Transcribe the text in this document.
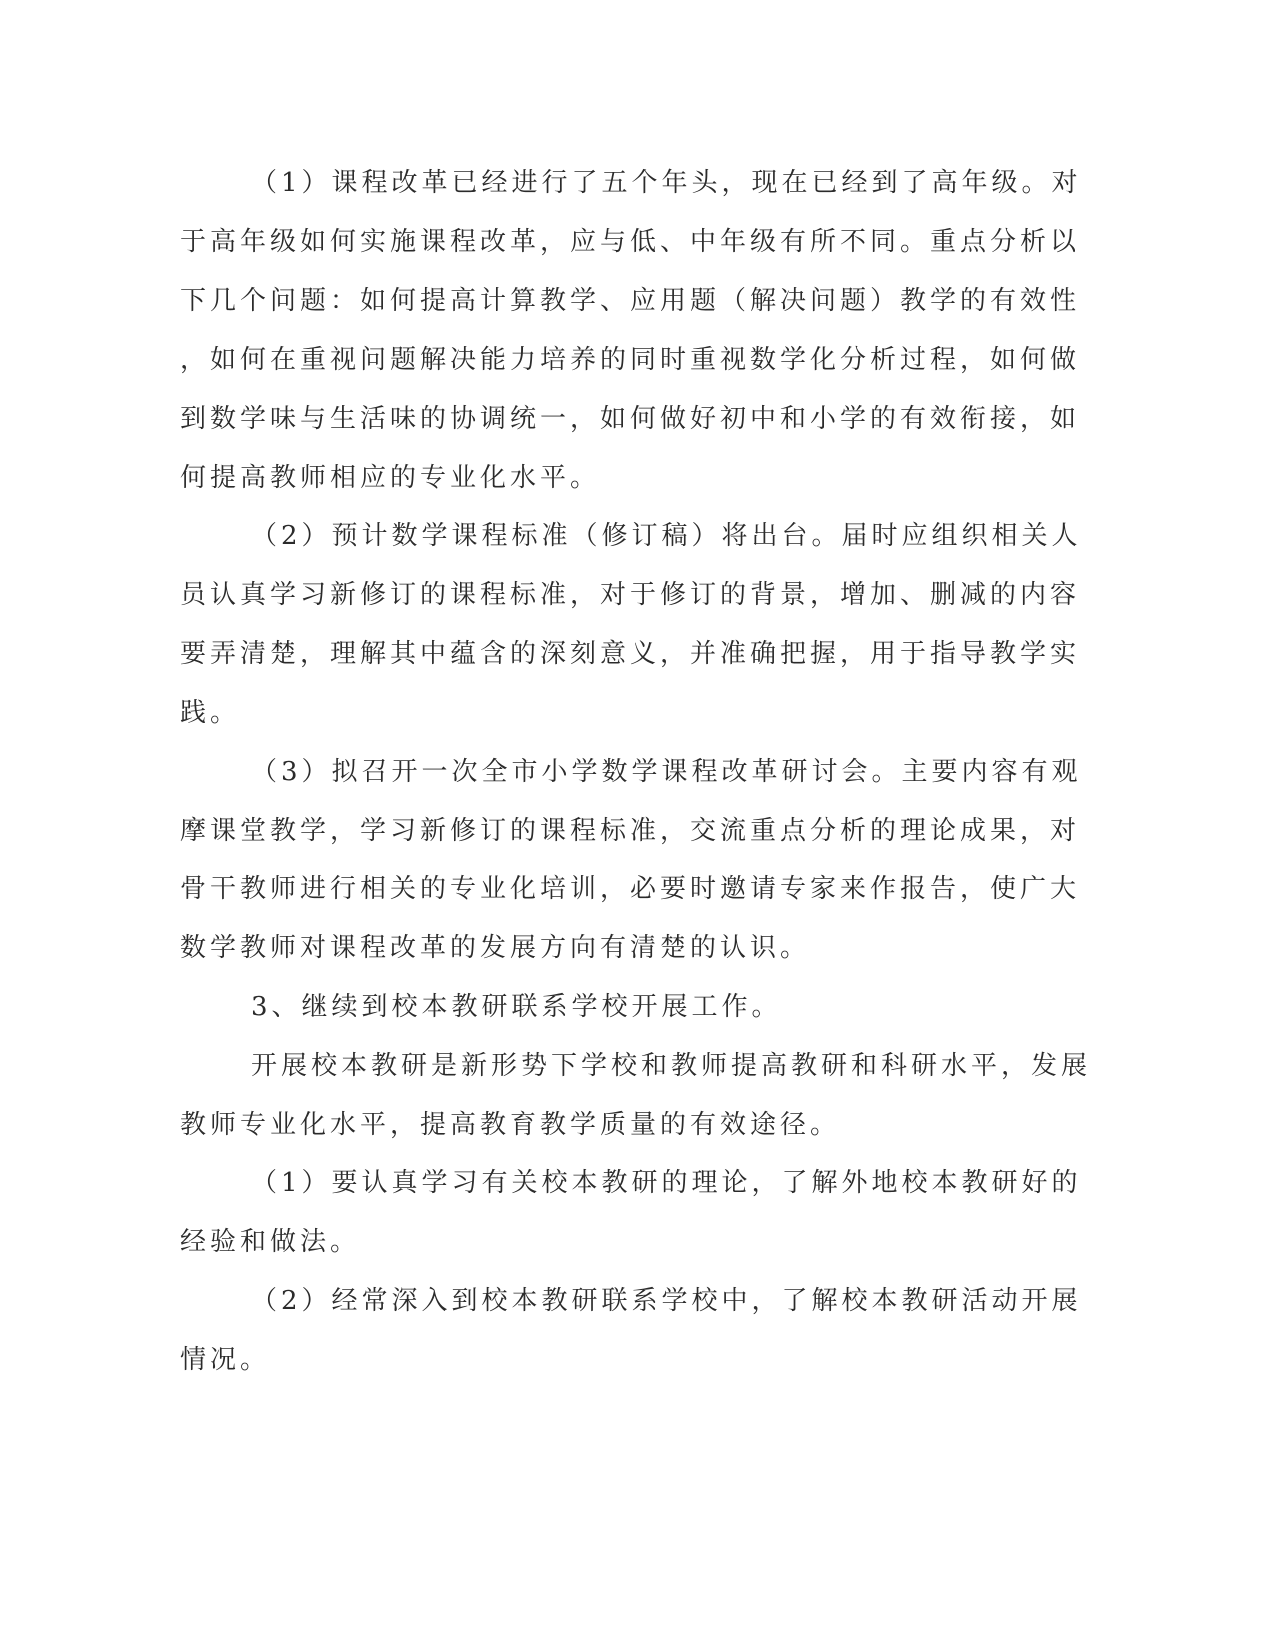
（1）课程改革已经进行了五个年头，现在已经到了高年级。对

于高年级如何实施课程改革，应与低、中年级有所不同。重点分析以

下几个问题：如何提高计算教学、应用题（解决问题）教学的有效性

，如何在重视问题解决能力培养的同时重视数学化分析过程，如何做

到数学味与生活味的协调统一，如何做好初中和小学的有效衔接，如

何提高教师相应的专业化水平。

（2）预计数学课程标准（修订稿）将出台。届时应组织相关人

员认真学习新修订的课程标准，对于修订的背景，增加、删减的内容

要弄清楚，理解其中蕴含的深刻意义，并准确把握，用于指导教学实

践。

（3）拟召开一次全市小学数学课程改革研讨会。主要内容有观

摩课堂教学，学习新修订的课程标准，交流重点分析的理论成果，对

骨干教师进行相关的专业化培训，必要时邀请专家来作报告，使广大

数学教师对课程改革的发展方向有清楚的认识。

3、继续到校本教研联系学校开展工作。

开展校本教研是新形势下学校和教师提高教研和科研水平，发展

教师专业化水平，提高教育教学质量的有效途径。

（1）要认真学习有关校本教研的理论，了解外地校本教研好的

经验和做法。

（2）经常深入到校本教研联系学校中，了解校本教研活动开展

情况。
